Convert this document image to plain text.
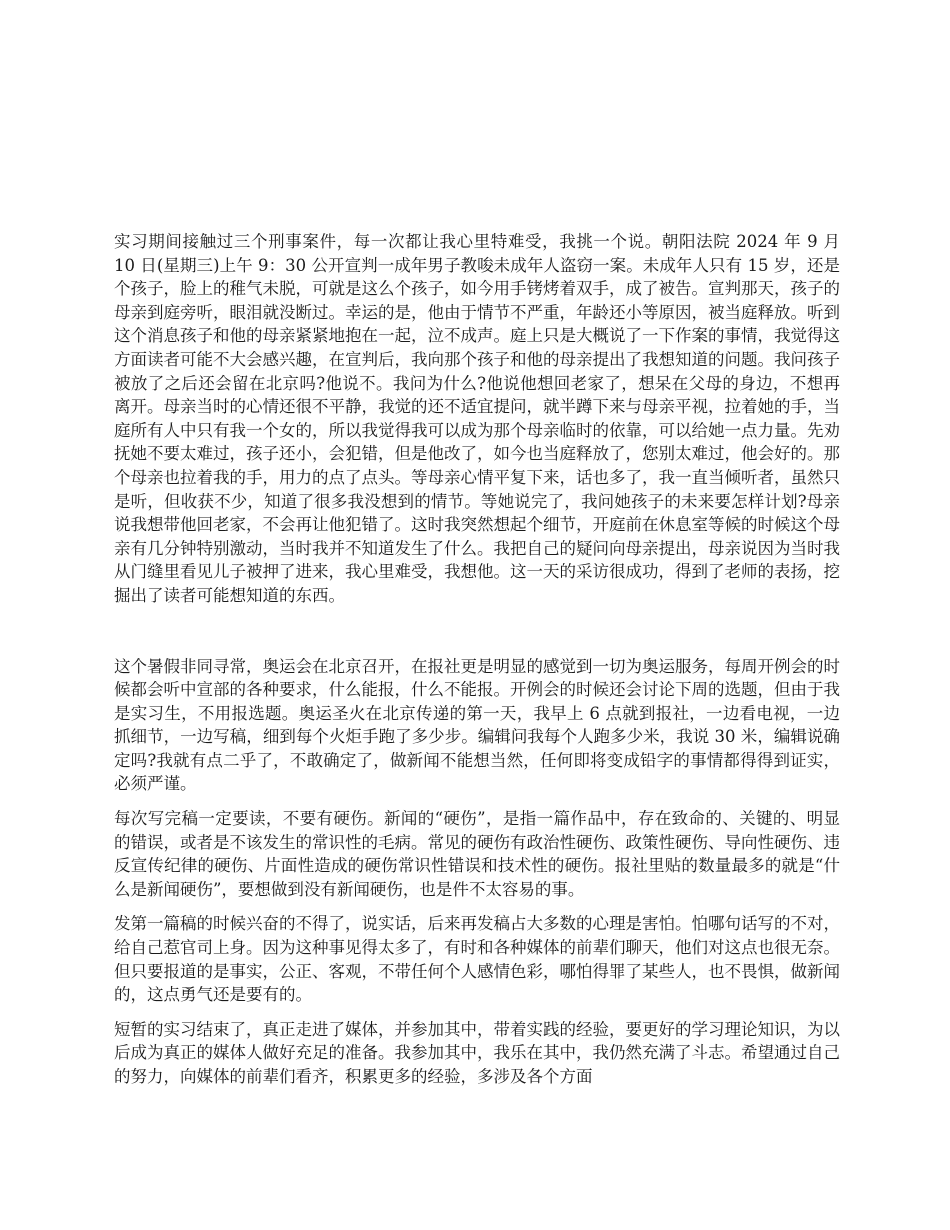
实习期间接触过三个刑事案件，每一次都让我心里特难受，我挑一个说。朝阳法院 2024 年 9 月 10 日(星期三)上午 9：30 公开宣判一成年男子教唆未成年人盗窃一案。未成年人只有 15 岁，还是个孩子，脸上的稚气未脱，可就是这么个孩子，如今用手铐烤着双手，成了被告。宣判那天，孩子的母亲到庭旁听，眼泪就没断过。幸运的是，他由于情节不严重，年龄还小等原因，被当庭释放。听到这个消息孩子和他的母亲紧紧地抱在一起，泣不成声。庭上只是大概说了一下作案的事情，我觉得这方面读者可能不大会感兴趣，在宣判后，我向那个孩子和他的母亲提出了我想知道的问题。我问孩子被放了之后还会留在北京吗?他说不。我问为什么?他说他想回老家了，想呆在父母的身边，不想再离开。母亲当时的心情还很不平静，我觉的还不适宜提问，就半蹲下来与母亲平视，拉着她的手，当庭所有人中只有我一个女的，所以我觉得我可以成为那个母亲临时的依靠，可以给她一点力量。先劝抚她不要太难过，孩子还小，会犯错，但是他改了，如今也当庭释放了，您别太难过，他会好的。那个母亲也拉着我的手，用力的点了点头。等母亲心情平复下来，话也多了，我一直当倾听者，虽然只是听，但收获不少，知道了很多我没想到的情节。等她说完了，我问她孩子的未来要怎样计划?母亲说我想带他回老家，不会再让他犯错了。这时我突然想起个细节，开庭前在休息室等候的时候这个母亲有几分钟特别激动，当时我并不知道发生了什么。我把自己的疑问向母亲提出，母亲说因为当时我从门缝里看见儿子被押了进来，我心里难受，我想他。这一天的采访很成功，得到了老师的表扬，挖掘出了读者可能想知道的东西。

这个暑假非同寻常，奥运会在北京召开，在报社更是明显的感觉到一切为奥运服务，每周开例会的时候都会听中宣部的各种要求，什么能报，什么不能报。开例会的时候还会讨论下周的选题，但由于我是实习生，不用报选题。奥运圣火在北京传递的第一天，我早上 6 点就到报社，一边看电视，一边抓细节，一边写稿，细到每个火炬手跑了多少步。编辑问我每个人跑多少米，我说 30 米，编辑说确定吗?我就有点二乎了，不敢确定了，做新闻不能想当然，任何即将变成铅字的事情都得得到证实，必须严谨。

每次写完稿一定要读，不要有硬伤。新闻的“硬伤”，是指一篇作品中，存在致命的、关键的、明显的错误，或者是不该发生的常识性的毛病。常见的硬伤有政治性硬伤、政策性硬伤、导向性硬伤、违反宣传纪律的硬伤、片面性造成的硬伤常识性错误和技术性的硬伤。报社里贴的数量最多的就是“什么是新闻硬伤”，要想做到没有新闻硬伤，也是件不太容易的事。

发第一篇稿的时候兴奋的不得了，说实话，后来再发稿占大多数的心理是害怕。怕哪句话写的不对，给自己惹官司上身。因为这种事见得太多了，有时和各种媒体的前辈们聊天，他们对这点也很无奈。但只要报道的是事实，公正、客观，不带任何个人感情色彩，哪怕得罪了某些人，也不畏惧，做新闻的，这点勇气还是要有的。

短暂的实习结束了，真正走进了媒体，并参加其中，带着实践的经验，要更好的学习理论知识，为以后成为真正的媒体人做好充足的准备。我参加其中，我乐在其中，我仍然充满了斗志。希望通过自己的努力，向媒体的前辈们看齐，积累更多的经验，多涉及各个方面
